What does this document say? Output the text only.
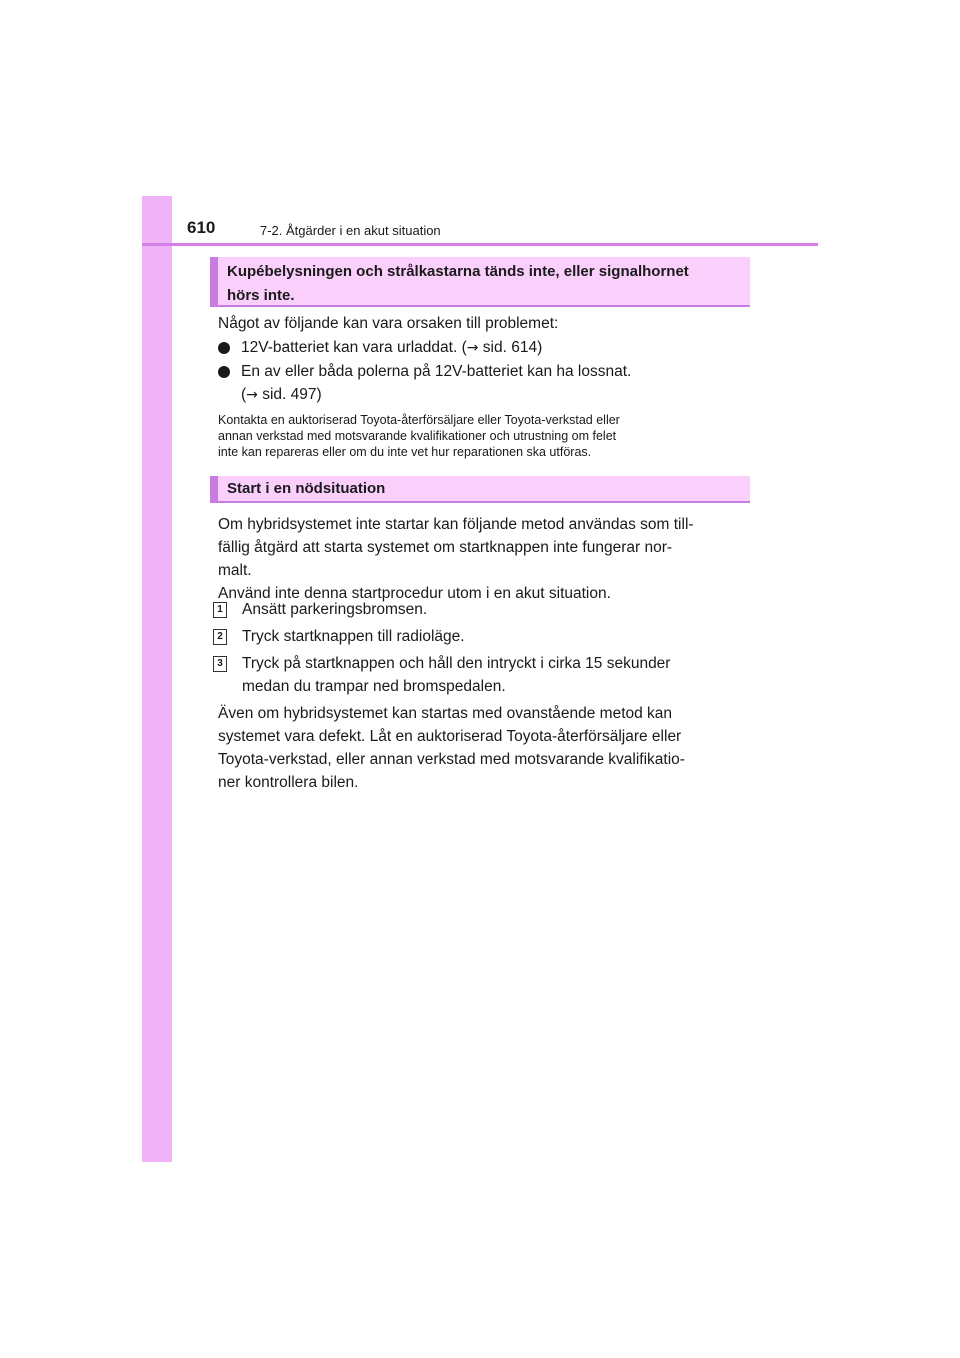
610	7-2. Åtgärder i en akut situation
Kupébelysningen och strålkastarna tänds inte, eller signalhornet
hörs inte.
Något av följande kan vara orsaken till problemet:
12V-batteriet kan vara urladdat. (→ sid. 614)
En av eller båda polerna på 12V-batteriet kan ha lossnat.
(→ sid. 497)
Kontakta en auktoriserad Toyota-återförsäljare eller Toyota-verkstad eller
annan verkstad med motsvarande kvalifikationer och utrustning om felet
inte kan repareras eller om du inte vet hur reparationen ska utföras.
Start i en nödsituation
Om hybridsystemet inte startar kan följande metod användas som till-
fällig åtgärd att starta systemet om startknappen inte fungerar nor-
malt.
Använd inte denna startprocedur utom i en akut situation.
1 Ansätt parkeringsbromsen.
2 Tryck startknappen till radioläge.
3 Tryck på startknappen och håll den intryckt i cirka 15 sekunder
medan du trampar ned bromspedalen.
Även om hybridsystemet kan startas med ovanstående metod kan
systemet vara defekt. Låt en auktoriserad Toyota-återförsäljare eller
Toyota-verkstad, eller annan verkstad med motsvarande kvalifikatio-
ner kontrollera bilen.
